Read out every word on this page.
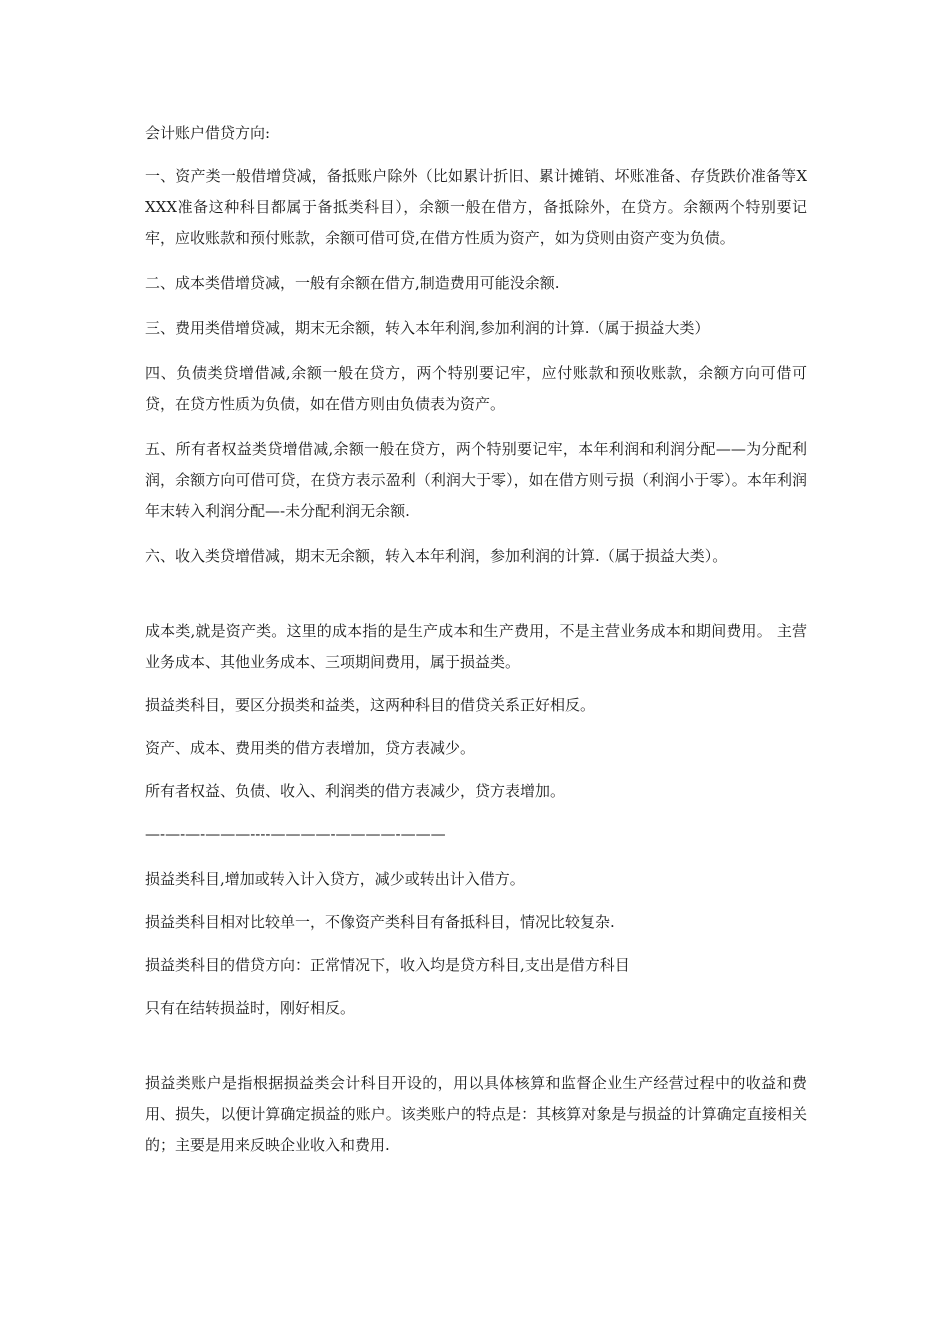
会计账户借贷方向:

一、资产类一般借增贷减，备抵账户除外（比如累计折旧、累计摊销、坏账准备、存货跌价准备等XXXX准备这种科目都属于备抵类科目），余额一般在借方，备抵除外，在贷方。余额两个特别要记牢，应收账款和预付账款，余额可借可贷,在借方性质为资产，如为贷则由资产变为负债。

二、成本类借增贷减，一般有余额在借方,制造费用可能没余额.

三、费用类借增贷减，期末无余额，转入本年利润,参加利润的计算.（属于损益大类）

四、负债类贷增借减,余额一般在贷方，两个特别要记牢，应付账款和预收账款，余额方向可借可贷，在贷方性质为负债，如在借方则由负债表为资产。

五、所有者权益类贷增借减,余额一般在贷方，两个特别要记牢，本年利润和利润分配——为分配利润，余额方向可借可贷，在贷方表示盈利（利润大于零），如在借方则亏损（利润小于零）。本年利润年末转入利润分配—-未分配利润无余额.

六、收入类贷增借减，期末无余额，转入本年利润，参加利润的计算.（属于损益大类）。

成本类,就是资产类。这里的成本指的是生产成本和生产费用，不是主营业务成本和期间费用。 主营业务成本、其他业务成本、三项期间费用，属于损益类。

损益类科目，要区分损类和益类，这两种科目的借贷关系正好相反。

资产、成本、费用类的借方表增加，贷方表减少。

所有者权益、负债、收入、利润类的借方表减少，贷方表增加。

—-—-—-———----————-————-———

损益类科目,增加或转入计入贷方，减少或转出计入借方。

损益类科目相对比较单一，不像资产类科目有备抵科目，情况比较复杂.

损益类科目的借贷方向：正常情况下，收入均是贷方科目,支出是借方科目

只有在结转损益时，刚好相反。

损益类账户是指根据损益类会计科目开设的，用以具体核算和监督企业生产经营过程中的收益和费用、损失，以便计算确定损益的账户。该类账户的特点是：其核算对象是与损益的计算确定直接相关的；主要是用来反映企业收入和费用.
